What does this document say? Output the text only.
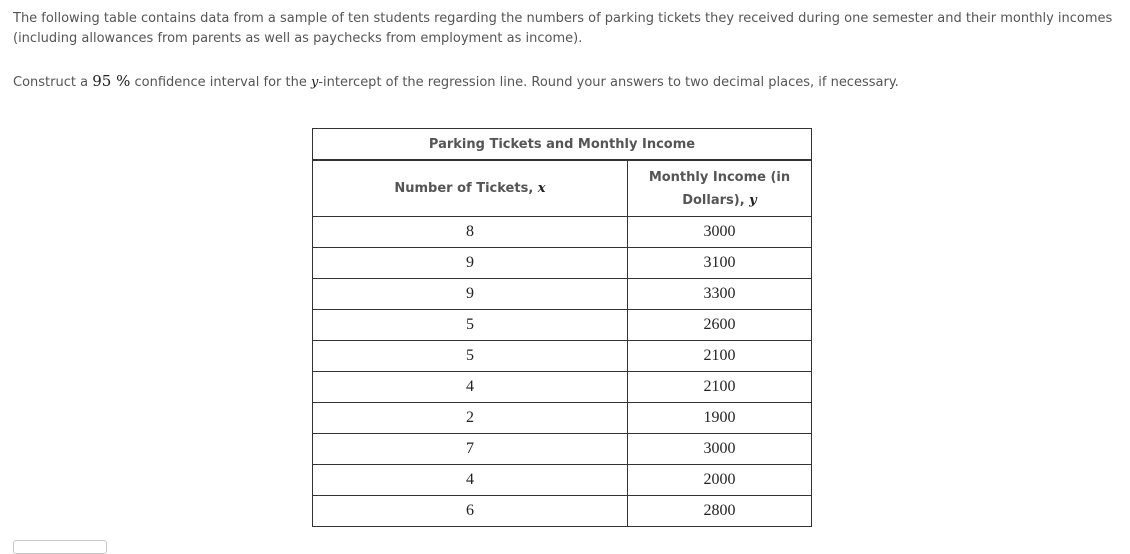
The following table contains data from a sample of ten students regarding the numbers of parking tickets they received during one semester and their monthly incomes (including allowances from parents as well as paychecks from employment as income).

Construct a 95 % confidence interval for the y-intercept of the regression line. Round your answers to two decimal places, if necessary.

Parking Tickets and Monthly Income	
Number of Tickets, x	Monthly Income (in
Dollars), y
8	3000
9	3100
9	3300
5	2600
5	2100
4	2100
2	1900
7	3000
4	2000
6	2800
